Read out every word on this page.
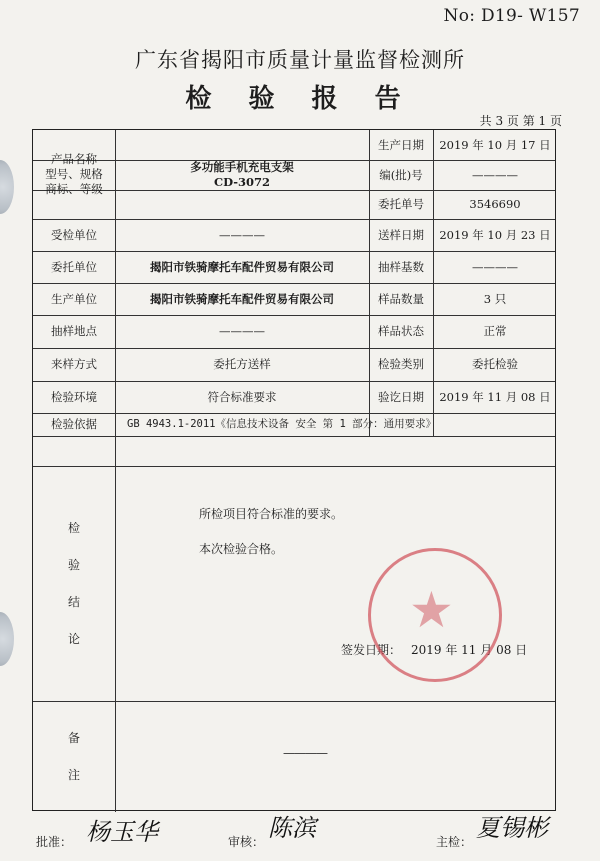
No: D19- W157
广东省揭阳市质量计量监督检测所
检 验 报 告
共 3 页 第 1 页
产品名称
型号、规格
商标、等级
多功能手机充电支架
CD-3072
生产日期	2019 年 10 月 17 日
编(批)号	————
委托单号	3546690
受检单位	————	送样日期	2019 年 10 月 23 日
委托单位	揭阳市铁骑摩托车配件贸易有限公司	抽样基数	————
生产单位	揭阳市铁骑摩托车配件贸易有限公司	样品数量	3 只
抽样地点	————	样品状态	正常
来样方式	委托方送样	检验类别	委托检验
检验环境	符合标准要求	验讫日期	2019 年 11 月 08 日
检验依据	GB 4943.1-2011《信息技术设备 安全 第 1 部分：通用要求》
检
验
结
论
所检项目符合标准的要求。
本次检验合格。
签发日期： 2019 年 11 月 08 日
备
注
————
★
批准： 杨玉华	审核： 陈滨	主检： 夏锡彬
